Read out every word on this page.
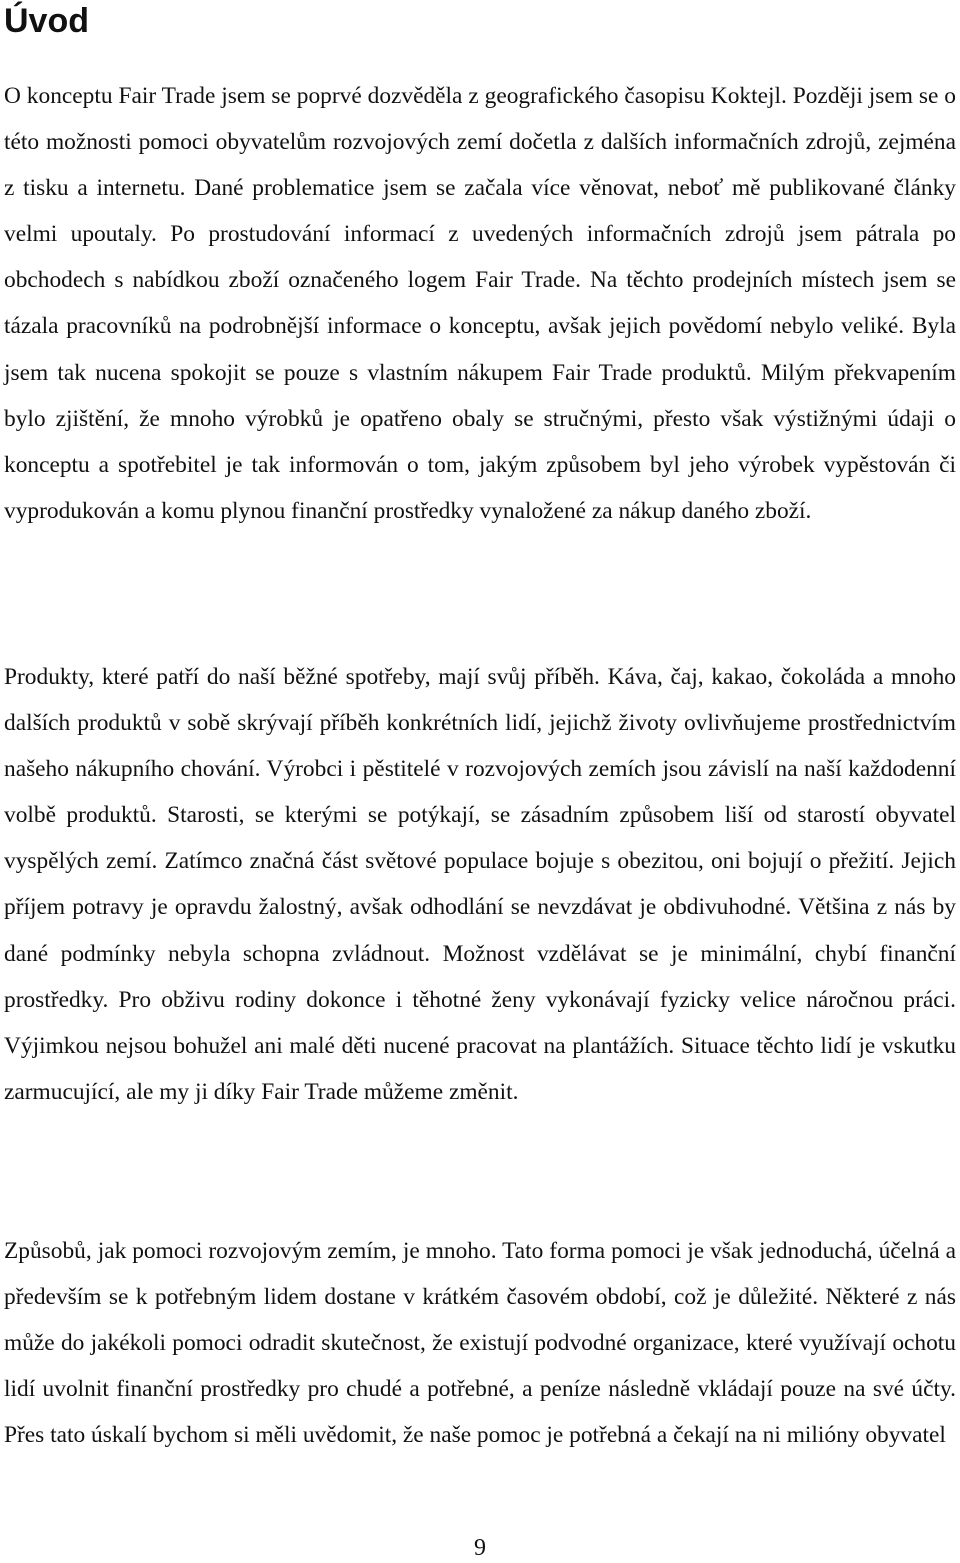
Úvod

O konceptu Fair Trade jsem se poprvé dozvěděla z geografického časopisu Koktejl. Později jsem se o této možnosti pomoci obyvatelům rozvojových zemí dočetla z dalších informačních zdrojů, zejména z tisku a internetu. Dané problematice jsem se začala více věnovat, neboť mě publikované články velmi upoutaly. Po prostudování informací z uvedených informačních zdrojů jsem pátrala po obchodech s nabídkou zboží označeného logem Fair Trade. Na těchto prodejních místech jsem se tázala pracovníků na podrobnější informace o konceptu, avšak jejich povědomí nebylo veliké. Byla jsem tak nucena spokojit se pouze s vlastním nákupem Fair Trade produktů. Milým překvapením bylo zjištění, že mnoho výrobků je opatřeno obaly se stručnými, přesto však výstižnými údaji o konceptu a spotřebitel je tak informován o tom, jakým způsobem byl jeho výrobek vypěstován či vyprodukován a komu plynou finanční prostředky vynaložené za nákup daného zboží.

Produkty, které patří do naší běžné spotřeby, mají svůj příběh. Káva, čaj, kakao, čokoláda a mnoho dalších produktů v sobě skrývají příběh konkrétních lidí, jejichž životy ovlivňujeme prostřednictvím našeho nákupního chování. Výrobci i pěstitelé v rozvojových zemích jsou závislí na naší každodenní volbě produktů. Starosti, se kterými se potýkají, se zásadním způsobem liší od starostí obyvatel vyspělých zemí. Zatímco značná část světové populace bojuje s obezitou, oni bojují o přežití. Jejich příjem potravy je opravdu žalostný, avšak odhodlání se nevzdávat je obdivuhodné. Většina z nás by dané podmínky nebyla schopna zvládnout. Možnost vzdělávat se je minimální, chybí finanční prostředky. Pro obživu rodiny dokonce i těhotné ženy vykonávají fyzicky velice náročnou práci. Výjimkou nejsou bohužel ani malé děti nucené pracovat na plantážích. Situace těchto lidí je vskutku zarmucující, ale my ji díky Fair Trade můžeme změnit.

Způsobů, jak pomoci rozvojovým zemím, je mnoho. Tato forma pomoci je však jednoduchá, účelná a především se k potřebným lidem dostane v krátkém časovém období, což je důležité. Některé z nás může do jakékoli pomoci odradit skutečnost, že existují podvodné organizace, které využívají ochotu lidí uvolnit finanční prostředky pro chudé a potřebné, a peníze následně vkládají pouze na své účty. Přes tato úskalí bychom si měli uvědomit, že naše pomoc je potřebná a čekají na ni milióny obyvatel

9
